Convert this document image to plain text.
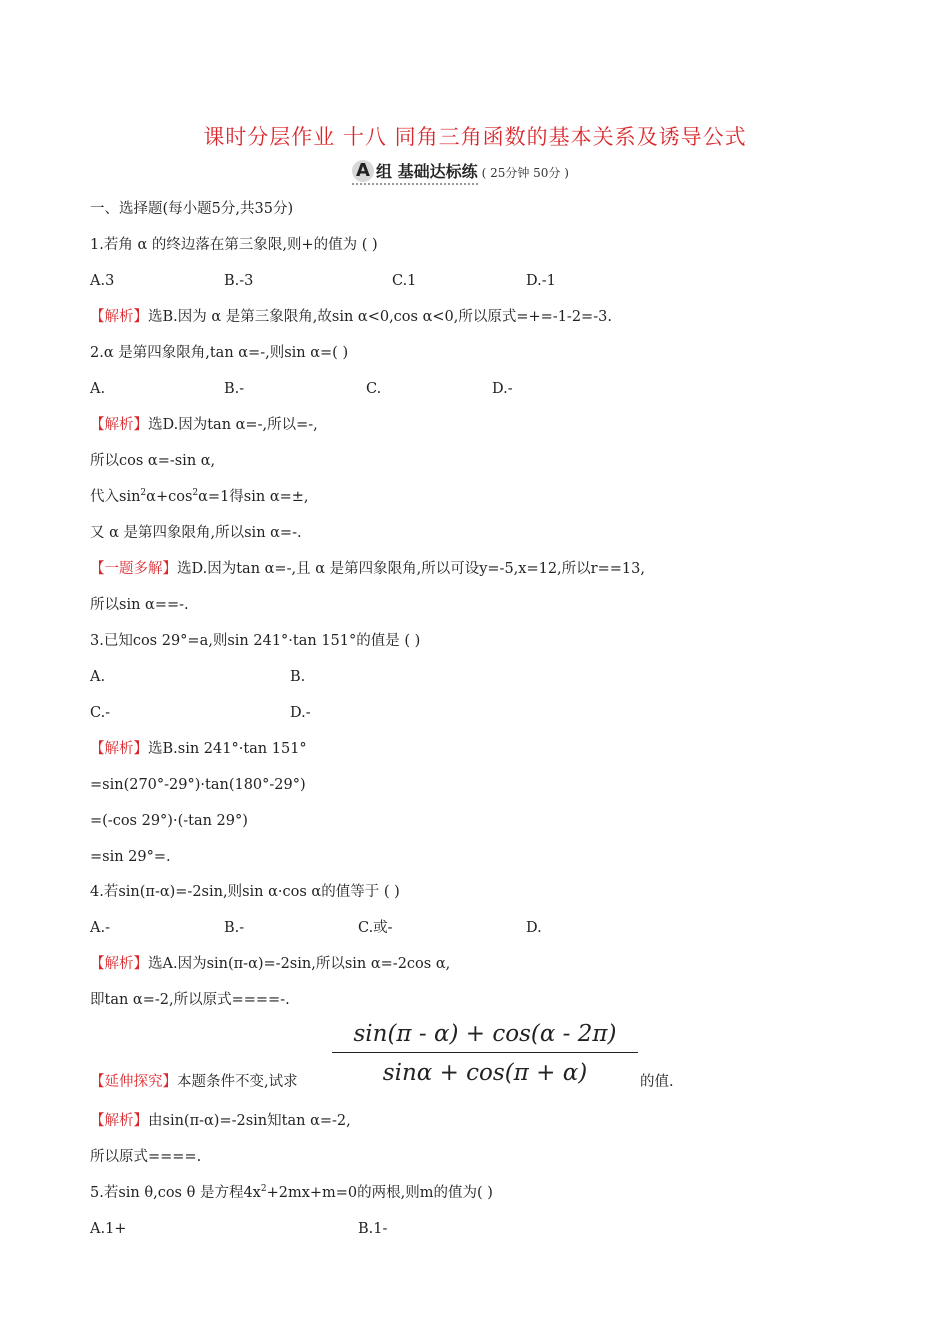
课时分层作业 十八 同角三角函数的基本关系及诱导公式
A 组 基础达标练 ( 25分钟 50分 )
一、选择题(每小题5分,共35分)
1.若角 α 的终边落在第三象限,则+的值为 ( )
A.3	B.-3	C.1	D.-1
【解析】选B.因为 α 是第三象限角,故sin α<0,cos α<0,所以原式=+=-1-2=-3.
2.α 是第四象限角,tan α=-,则sin α=( )
A.	B.-	C.	D.-
【解析】选D.因为tan α=-,所以=-,
所以cos α=-sin α,
代入$\sin^2\alpha+\cos^2\alpha=1$得sin α=±,
又 α 是第四象限角,所以sin α=-.
【一题多解】选D.因为tan α=-,且 α 是第四象限角,所以可设y=-5,x=12,所以r==13,
所以sin α==-.
3.已知cos 29°=a,则sin 241°·tan 151°的值是 ( )
A.	B.
C.-	D.-
【解析】选B.sin 241°·tan 151°
=sin(270°-29°)·tan(180°-29°)
=(-cos 29°)·(-tan 29°)
=sin 29°=.
4.若sin(π-α)=-2sin,则sin α·cos α的值等于 ( )
A.-	B.-	C.或-	D.
【解析】选A.因为sin(π-α)=-2sin,所以sin α=-2cos α,
即tan α=-2,所以原式====-.
sin(π - α) + cos(α - 2π)
sinα + cos(π + α)
【延伸探究】本题条件不变,试求	的值.
【解析】由sin(π-α)=-2sin知tan α=-2,
所以原式====.
5.若sin θ,cos θ 是方程$4x^2+2mx+m=0$的两根,则m的值为( )
A.1+	B.1-
